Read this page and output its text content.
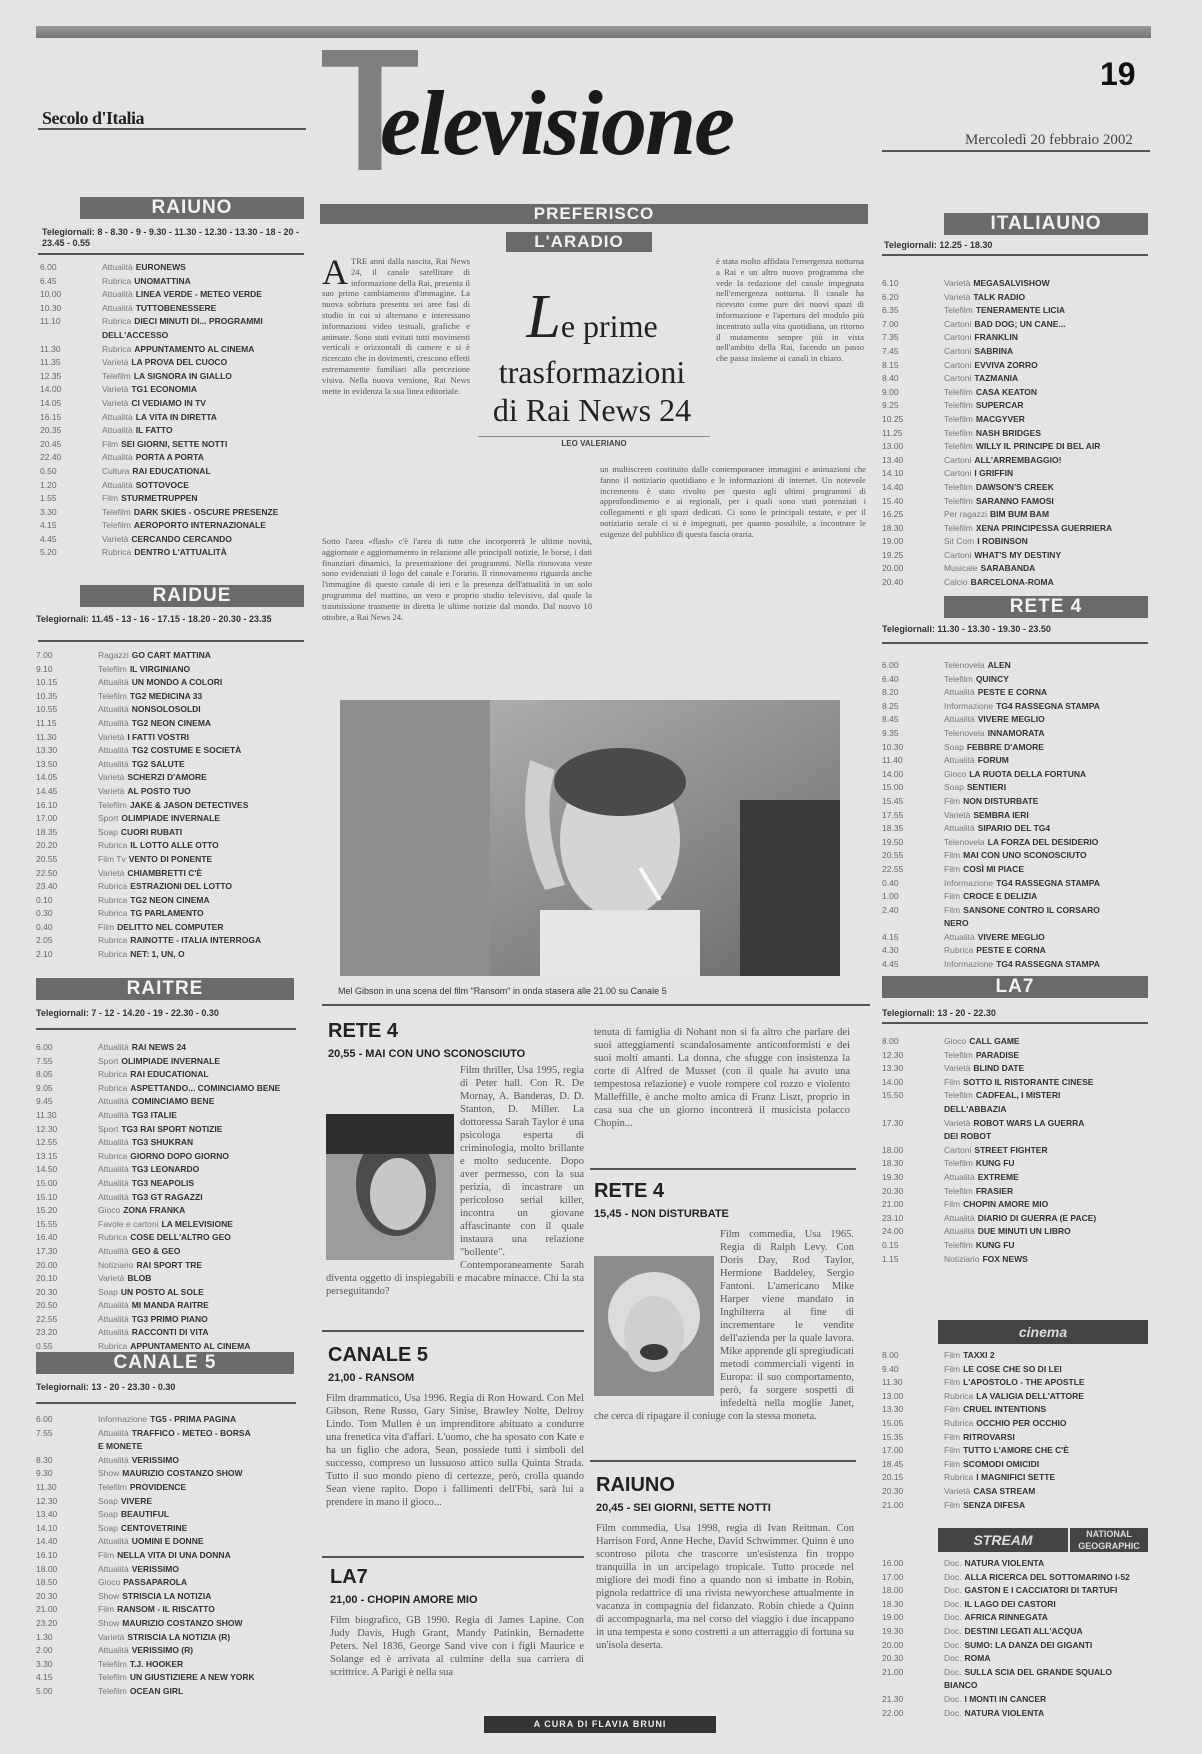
19
Secolo d'Italia	elevisione	Mercoledì 20 febbraio 2002
RAIUNO
Telegiornali: 8 - 8.30 - 9 - 9.30 - 11.30 - 12.30 - 13.30 - 18 - 20 - 23.45 - 0.55
6.00	Attualità EURONEWS
6.45	Rubrica UNOMATTINA
10.00	Attualità LINEA VERDE - METEO VERDE
10.30	Attualità TUTTOBENESSERE
11.10	Rubrica DIECI MINUTI DI... PROGRAMMI
DELL'ACCESSO
11.30	Rubrica APPUNTAMENTO AL CINEMA
11.35	Varietà LA PROVA DEL CUOCO
12.35	Telefilm LA SIGNORA IN GIALLO
14.00	Varietà TG1 ECONOMIA
14.05	Varietà CI VEDIAMO IN TV
16.15	Attualità LA VITA IN DIRETTA
20.35	Attualità IL FATTO
20.45	Film SEI GIORNI, SETTE NOTTI
22.40	Attualità PORTA A PORTA
0.50	Cultura RAI EDUCATIONAL
1.20	Attualità SOTTOVOCE
1.55	Film STURMETRUPPEN
3.30	Telefilm DARK SKIES - OSCURE PRESENZE
4.15	Telefilm AEROPORTO INTERNAZIONALE
4.45	Varietà CERCANDO CERCANDO
5.20	Rubrica DENTRO L'ATTUALITÀ
RAIDUE
Telegiornali: 11.45 - 13 - 16 - 17.15 - 18.20 - 20.30 - 23.35
7.00	Ragazzi GO CART MATTINA
9.10	Telefilm IL VIRGINIANO
10.15	Attualità UN MONDO A COLORI
10.35	Telefilm TG2 MEDICINA 33
10.55	Attualità NONSOLOSOLDI
11.15	Attualità TG2 NEON CINEMA
11.30	Varietà I FATTI VOSTRI
13.30	Attualità TG2 COSTUME E SOCIETÀ
13.50	Attualità TG2 SALUTE
14.05	Varietà SCHERZI D'AMORE
14.45	Varietà AL POSTO TUO
16.10	Telefilm JAKE & JASON DETECTIVES
17.00	Sport OLIMPIADE INVERNALE
18.35	Soap CUORI RUBATI
20.20	Rubrica IL LOTTO ALLE OTTO
20.55	Film Tv VENTO DI PONENTE
22.50	Varietà CHIAMBRETTI C'È
23.40	Rubrica ESTRAZIONI DEL LOTTO
0.10	Rubrica TG2 NEON CINEMA
0.30	Rubrica TG PARLAMENTO
0.40	Film DELITTO NEL COMPUTER
2.05	Rubrica RAINOTTE - ITALIA INTERROGA
2.10	Rubrica NET: 1, UN, O
RAITRE
Telegiornali: 7 - 12 - 14.20 - 19 - 22.30 - 0.30
6.00	Attualità RAI NEWS 24
7.55	Sport OLIMPIADE INVERNALE
8.05	Rubrica RAI EDUCATIONAL
9.05	Rubrica ASPETTANDO... COMINCIAMO BENE
9.45	Attualità COMINCIAMO BENE
11.30	Attualità TG3 ITALIE
12.30	Sport TG3 RAI SPORT NOTIZIE
12.55	Attualità TG3 SHUKRAN
13.15	Rubrica GIORNO DOPO GIORNO
14.50	Attualità TG3 LEONARDO
15.00	Attualità TG3 NEAPOLIS
15.10	Attualità TG3 GT RAGAZZI
15.20	Gioco ZONA FRANKA
15.55	Favole e cartoni LA MELEVISIONE
16.40	Rubrica COSE DELL'ALTRO GEO
17.30	Attualità GEO & GEO
20.00	Notiziario RAI SPORT TRE
20.10	Varietà BLOB
20.30	Soap UN POSTO AL SOLE
20.50	Attualità MI MANDA RAITRE
22.55	Attualità TG3 PRIMO PIANO
23.20	Attualità RACCONTI DI VITA
0.55	Rubrica APPUNTAMENTO AL CINEMA
CANALE 5
Telegiornali: 13 - 20 - 23.30 - 0.30
6.00	Informazione TG5 - PRIMA PAGINA
7.55	Attualità TRAFFICO - METEO - BORSA
E MONETE
8.30	Attualità VERISSIMO
9.30	Show MAURIZIO COSTANZO SHOW
11.30	Telefilm PROVIDENCE
12.30	Soap VIVERE
13.40	Soap BEAUTIFUL
14.10	Soap CENTOVETRINE
14.40	Attualità UOMINI E DONNE
16.10	Film NELLA VITA DI UNA DONNA
18.00	Attualità VERISSIMO
18.50	Gioco PASSAPAROLA
20.30	Show STRISCIA LA NOTIZIA
21.00	Film RANSOM - IL RISCATTO
23.20	Show MAURIZIO COSTANZO SHOW
1.30	Varietà STRISCIA LA NOTIZIA (R)
2.00	Attualità VERISSIMO (R)
3.30	Telefilm T.J. HOOKER
4.15	Telefilm UN GIUSTIZIERE A NEW YORK
5.00	Telefilm OCEAN GIRL
PREFERISCO
L'ARADIO
ATRE anni dalla nascita, Rai News 24, il canale satellitare di informazione della Rai, presenta il suo primo cambiamento d'immagine. La nuova sobriura presenta sei aree fasi di studio in cui si alternano e interessano informazioni video testuali, grafiche e animate. Sono stati evitati tutti movimenti verticali e orizzontali di camere e si è ricercato che in dovimenti, crescono effetti estremamente familiari alla percezione visiva. Nella nuova versione, Rai News mette in evidenza la sua linea editoriale.
Le prime
trasformazioni
di Rai News 24
LEO VALERIANO
è stata molto affidata l'emergenza notturna a Rai e un altro nuovo programma che vede la redazione del canale impegnata nell'emergenza notturna. Il canale ha ricevuto come pure dei nuovi spazi di informazione e l'apertura del modulo più incentrato sulla vita quotidiana, un ritorno il mutamento sempre più in vista nell'ambito della Rai, facendo un passo che passa insieme ai canali in chiaro.
Sotto l'area «flash» c'è l'area di tutte che incorporerà le ultime novità, aggiornate e aggiornamento in relazione alle principali notizie, le borse, i dati finanziari dinamici, la presentazione dei programmi. Nella rinnovata veste sono evidenziati il logo del canale e l'orario. Il rinnovamento riguarda anche l'immagine di questo canale di ieri e la presenza dell'attualità in un solo programma del mattino, un vero e proprio studio televisivo, dal quale la trasmissione trasmette in diretta le ultime notizie dal mondo. Dal nuovo 10 ottobre, a Rai News 24.
un multiscreen costituito dalle contemporanee immagini e animazioni che fanno il notiziario quotidiano e le informazioni di internet. Un notevole incremento è stato rivolto per questo agli ultimi programmi di approfondimento e ai regionali, per i quali sono stati potenziati i collegamenti e gli spazi dedicati. Ci sono le principali testate, e per il notiziario serale ci si è impegnati, per quanto possibile, a incontrare le esigenze del pubblico di questa fascia oraria.
Mel Gibson in una scena del film "Ransom" in onda stasera alle 21.00 su Canale 5
RETE 4
20,55 - MAI CON UNO SCONOSCIUTO
Film thriller, Usa 1995, regia di Peter hall. Con R. De Mornay, A. Banderas, D. D. Stanton, D. Miller. La dottoressa Sarah Taylor è una psicologa esperta di criminologia, molto brillante e molto seducente. Dopo aver permesso, con la sua perizia, di incastrare un pericoloso serial killer, incontra un giovane affascinante con il quale instaura una relazione "bollente". Contemporaneamente Sarah diventa oggetto di inspiegabili e macabre minacce. Chi la sta perseguitando?
CANALE 5
21,00 - RANSOM
Film drammatico, Usa 1996. Regia di Ron Howard. Con Mel Gibson, Rene Russo, Gary Sinise, Brawley Nolte, Delroy Lindo. Tom Mullen è un imprenditore abituato a condurre una frenetica vita d'affari. L'uomo, che ha sposato con Kate e ha un figlio che adora, Sean, possiede tutti i simboli del successo, compreso un lussuoso attico sulla Quinta Strada. Tutto il suo mondo pieno di certezze, però, crolla quando Sean viene rapito. Dopo i fallimenti dell'Fbi, sarà lui a prendere in mano il gioco...
LA7
21,00 - CHOPIN AMORE MIO
Film biografico, GB 1990. Regia di James Lapine. Con Judy Davis, Hugh Grant, Mandy Patinkin, Bernadette Peters. Nel 1836, George Sand vive con i figli Maurice e Solange ed è arrivata al culmine della sua carriera di scrittrice. A Parigi è nella sua
tenuta di famiglia di Nohant non si fa altro che parlare dei suoi atteggiamenti scandalosamente anticonformisti e dei suoi molti amanti. La donna, che sfugge con insistenza la corte di Alfred de Musset (con il quale ha avuto una tempestosa relazione) e vuole rompere col rozzo e violento Malleffille, è anche molto amica di Franz Liszt, proprio in casa sua che un giorno incontrerà il musicista polacco Chopin...
RETE 4
15,45 - NON DISTURBATE
Film commedia, Usa 1965. Regia di Ralph Levy. Con Doris Day, Rod Taylor, Hermione Baddeley, Sergio Fantoni. L'americano Mike Harper viene mandato in Inghilterra al fine di incrementare le vendite dell'azienda per la quale lavora. Mike apprende gli spregiudicati metodi commerciali vigenti in Europa: il suo comportamento, però, fa sorgere sospetti di infedeltà nella moglie Janet, che cerca di ripagare il coniuge con la stessa moneta.
RAIUNO
20,45 - SEI GIORNI, SETTE NOTTI
Film commedia, Usa 1998, regia di Ivan Reitman. Con Harrison Ford, Anne Heche, David Schwimmer. Quinn è uno scontroso pilota che trascorre un'esistenza fin troppo tranquilla in un arcipelago tropicale. Tutto procede nel migliore dei modi fino a quando non si imbatte in Robin, pignola redattrice di una rivista newyorchese attualmente in vacanza in compagnia del fidanzato. Robin chiede a Quinn di accompagnarla, ma nel corso del viaggio i due incappano in una tempesta e sono costretti a un atterraggio di fortuna su un'isola deserta.
A CURA DI FLAVIA BRUNI
ITALIAUNO
Telegiornali: 12.25 - 18.30
6.10	Varietà MEGASALVISHOW
6.20	Varietà TALK RADIO
6.35	Telefilm TENERAMENTE LICIA
7.00	Cartoni BAD DOG; UN CANE...
7.35	Cartoni FRANKLIN
7.45	Cartoni SABRINA
8.15	Cartoni EVVIVA ZORRO
8.40	Cartoni TAZMANIA
9.00	Telefilm CASA KEATON
9.25	Telefilm SUPERCAR
10.25	Telefilm MACGYVER
11.25	Telefilm NASH BRIDGES
13.00	Telefilm WILLY IL PRINCIPE DI BEL AIR
13.40	Cartoni ALL'ARREMBAGGIO!
14.10	Cartoni I GRIFFIN
14.40	Telefilm DAWSON'S CREEK
15.40	Telefilm SARANNO FAMOSI
16.25	Per ragazzi BIM BUM BAM
18.30	Telefilm XENA PRINCIPESSA GUERRIERA
19.00	Sit Com I ROBINSON
19.25	Cartoni WHAT'S MY DESTINY
20.00	Musicale SARABANDA
20.40	Calcio BARCELONA-ROMA
RETE 4
Telegiornali: 11.30 - 13.30 - 19.30 - 23.50
6.00	Telenovela ALEN
6.40	Telefilm QUINCY
8.20	Attualità PESTE E CORNA
8.25	Informazione TG4 RASSEGNA STAMPA
8.45	Attualità VIVERE MEGLIO
9.35	Telenovela INNAMORATA
10.30	Soap FEBBRE D'AMORE
11.40	Attualità FORUM
14.00	Gioco LA RUOTA DELLA FORTUNA
15.00	Soap SENTIERI
15.45	Film NON DISTURBATE
17.55	Varietà SEMBRA IERI
18.35	Attualità SIPARIO DEL TG4
19.50	Telenovela LA FORZA DEL DESIDERIO
20.55	Film MAI CON UNO SCONOSCIUTO
22.55	Film COSÌ MI PIACE
0.40	Informazione TG4 RASSEGNA STAMPA
1.00	Film CROCE E DELIZIA
2.40	Film SANSONE CONTRO IL CORSARO
NERO
4.15	Attualità VIVERE MEGLIO
4.30	Rubrica PESTE E CORNA
4.45	Informazione TG4 RASSEGNA STAMPA
LA7
Telegiornali: 13 - 20 - 22.30
8.00	Gioco CALL GAME
12.30	Telefilm PARADISE
13.30	Varietà BLIND DATE
14.00	Film SOTTO IL RISTORANTE CINESE
15.50	Telefilm CADFEAL, I MISTERI
DELL'ABBAZIA
17.30	Varietà ROBOT WARS LA GUERRA
DEI ROBOT
18.00	Cartoni STREET FIGHTER
18.30	Telefilm KUNG FU
19.30	Attualità EXTREME
20.30	Telefilm FRASIER
21.00	Film CHOPIN AMORE MIO
23.10	Attualità DIARIO DI GUERRA (E PACE)
24.00	Attualità DUE MINUTI UN LIBRO
0.15	Telefilm KUNG FU
1.15	Notiziario FOX NEWS
cinema
8.00	Film TAXXI 2
9.40	Film LE COSE CHE SO DI LEI
11.30	Film L'APOSTOLO - THE APOSTLE
13.00	Rubrica LA VALIGIA DELL'ATTORE
13.30	Film CRUEL INTENTIONS
15.05	Rubrica OCCHIO PER OCCHIO
15.35	Film RITROVARSI
17.00	Film TUTTO L'AMORE CHE C'È
18.45	Film SCOMODI OMICIDI
20.15	Rubrica I MAGNIFICI SETTE
20.30	Varietà CASA STREAM
21.00	Film SENZA DIFESA
STREAM	NATIONAL GEOGRAPHIC
16.00	Doc. NATURA VIOLENTA
17.00	Doc. ALLA RICERCA DEL SOTTOMARINO I-52
18.00	Doc. GASTON E I CACCIATORI DI TARTUFI
18.30	Doc. IL LAGO DEI CASTORI
19.00	Doc. AFRICA RINNEGATA
19.30	Doc. DESTINI LEGATI ALL'ACQUA
20.00	Doc. SUMO: LA DANZA DEI GIGANTI
20.30	Doc. ROMA
21.00	Doc. SULLA SCIA DEL GRANDE SQUALO
BIANCO
21.30	Doc. I MONTI IN CANCER
22.00	Doc. NATURA VIOLENTA
